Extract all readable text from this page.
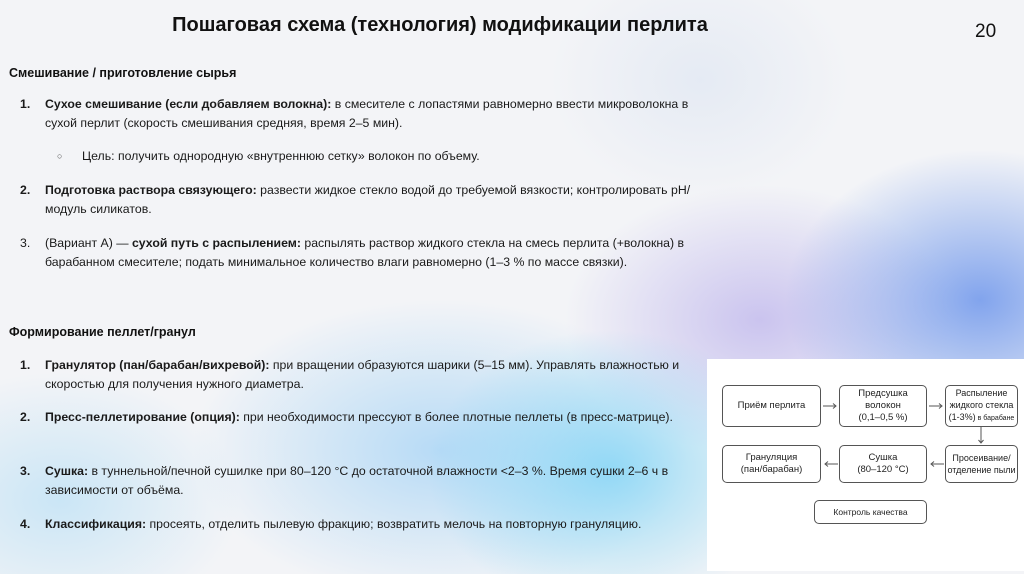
Пошаговая схема (технология) модификации перлита	20
Смешивание / приготовление сырья
1.	Сухое смешивание (если добавляем волокна): в смесителе с лопастями равномерно ввести микроволокна в сухой перлит (скорость смешивания средняя, время 2–5 мин).
○ Цель: получить однородную «внутреннюю сетку» волокон по объему.
2.	Подготовка раствора связующего: развести жидкое стекло водой до требуемой вязкости; контролировать pH/модуль силикатов.
3.	(Вариант А) — сухой путь с распылением: распылять раствор жидкого стекла на смесь перлита (+волокна) в барабанном смесителе; подать минимальное количество влаги равномерно (1–3 % по массе связки).
Формирование пеллет/гранул
1.	Гранулятор (пан/барабан/вихревой): при вращении образуются шарики (5–15 мм). Управлять влажностью и скоростью для получения нужного диаметра.
2.	Пресс-пеллетирование (опция): при необходимости прессуют в более плотные пеллеты (в пресс-матрице).
3.	Сушка: в туннельной/печной сушилке при 80–120 °С до остаточной влажности <2–3 %. Время сушки 2–6 ч в зависимости от объёма.
4.	Классификация: просеять, отделить пылевую фракцию; возвратить мелочь на повторную грануляцию.
Приём перлита
Предсушка
волокон
(0,1–0,5 %)
Распыление
жидкого стекла
(1-3%) в барабане
Просеивание/
отделение пыли
Сушка
(80–120 °С)
Грануляция
(пан/барабан)
Контроль качества
